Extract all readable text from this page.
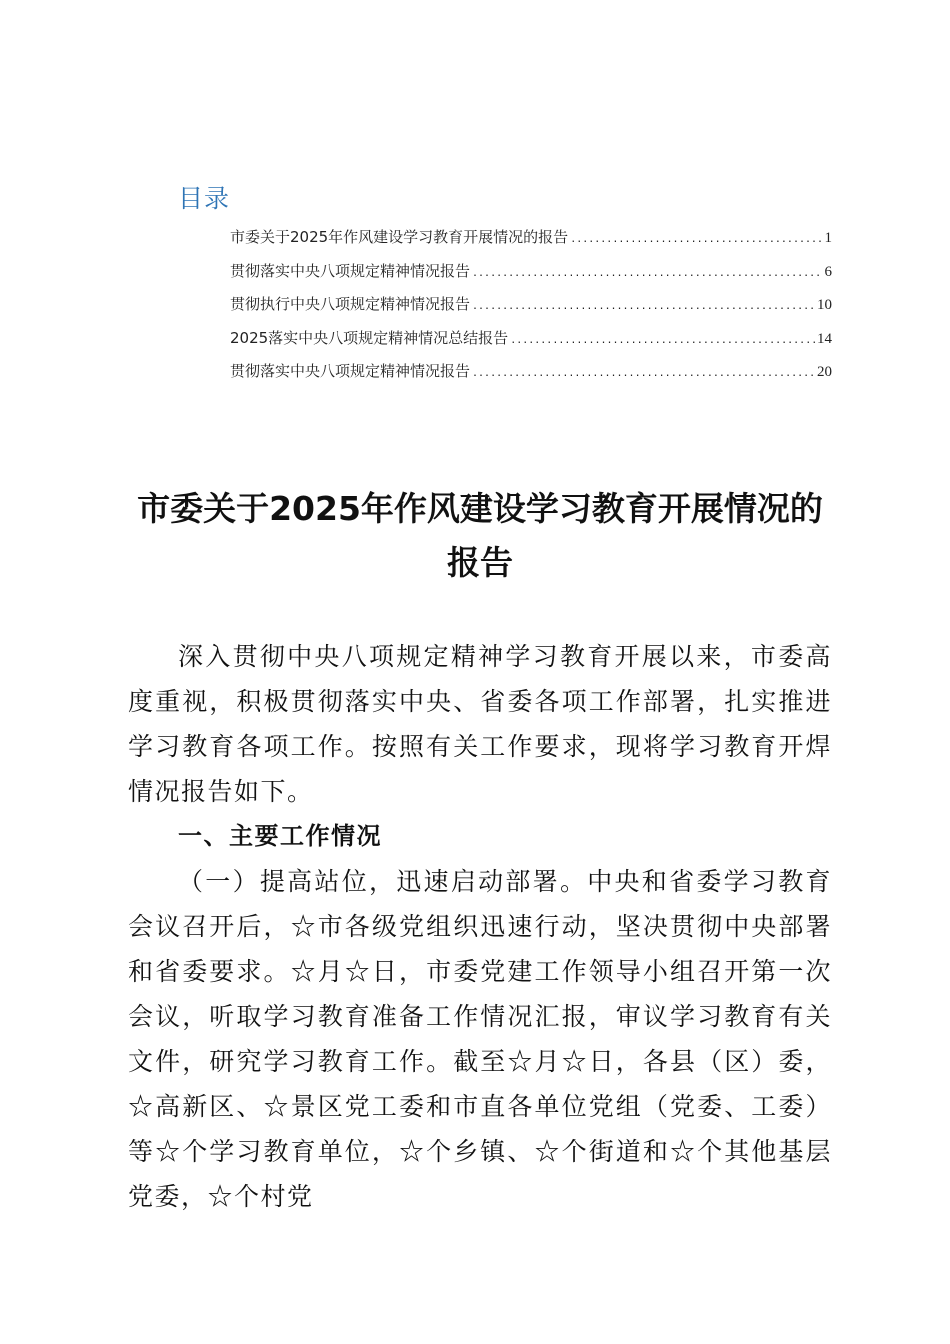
目录
市委关于2025年作风建设学习教育开展情况的报告 .....	1
贯彻落实中央八项规定精神情况报告 .....	6
贯彻执行中央八项规定精神情况报告 .....	10
2025落实中央八项规定精神情况总结报告 .....	14
贯彻落实中央八项规定精神情况报告 .....	20
市委关于2025年作风建设学习教育开展情况的报告

深入贯彻中央八项规定精神学习教育开展以来，市委高度重视，积极贯彻落实中央、省委各项工作部署，扎实推进学习教育各项工作。按照有关工作要求，现将学习教育开焊情况报告如下。

一、主要工作情况

（一）提高站位，迅速启动部署。中央和省委学习教育会议召开后，☆市各级党组织迅速行动，坚决贯彻中央部署和省委要求。☆月☆日，市委党建工作领导小组召开第一次会议，听取学习教育准备工作情况汇报，审议学习教育有关文件，研究学习教育工作。截至☆月☆日，各县（区）委，☆高新区、☆景区党工委和市直各单位党组（党委、工委）等☆个学习教育单位，☆个乡镇、☆个街道和☆个其他基层党委，☆个村党
